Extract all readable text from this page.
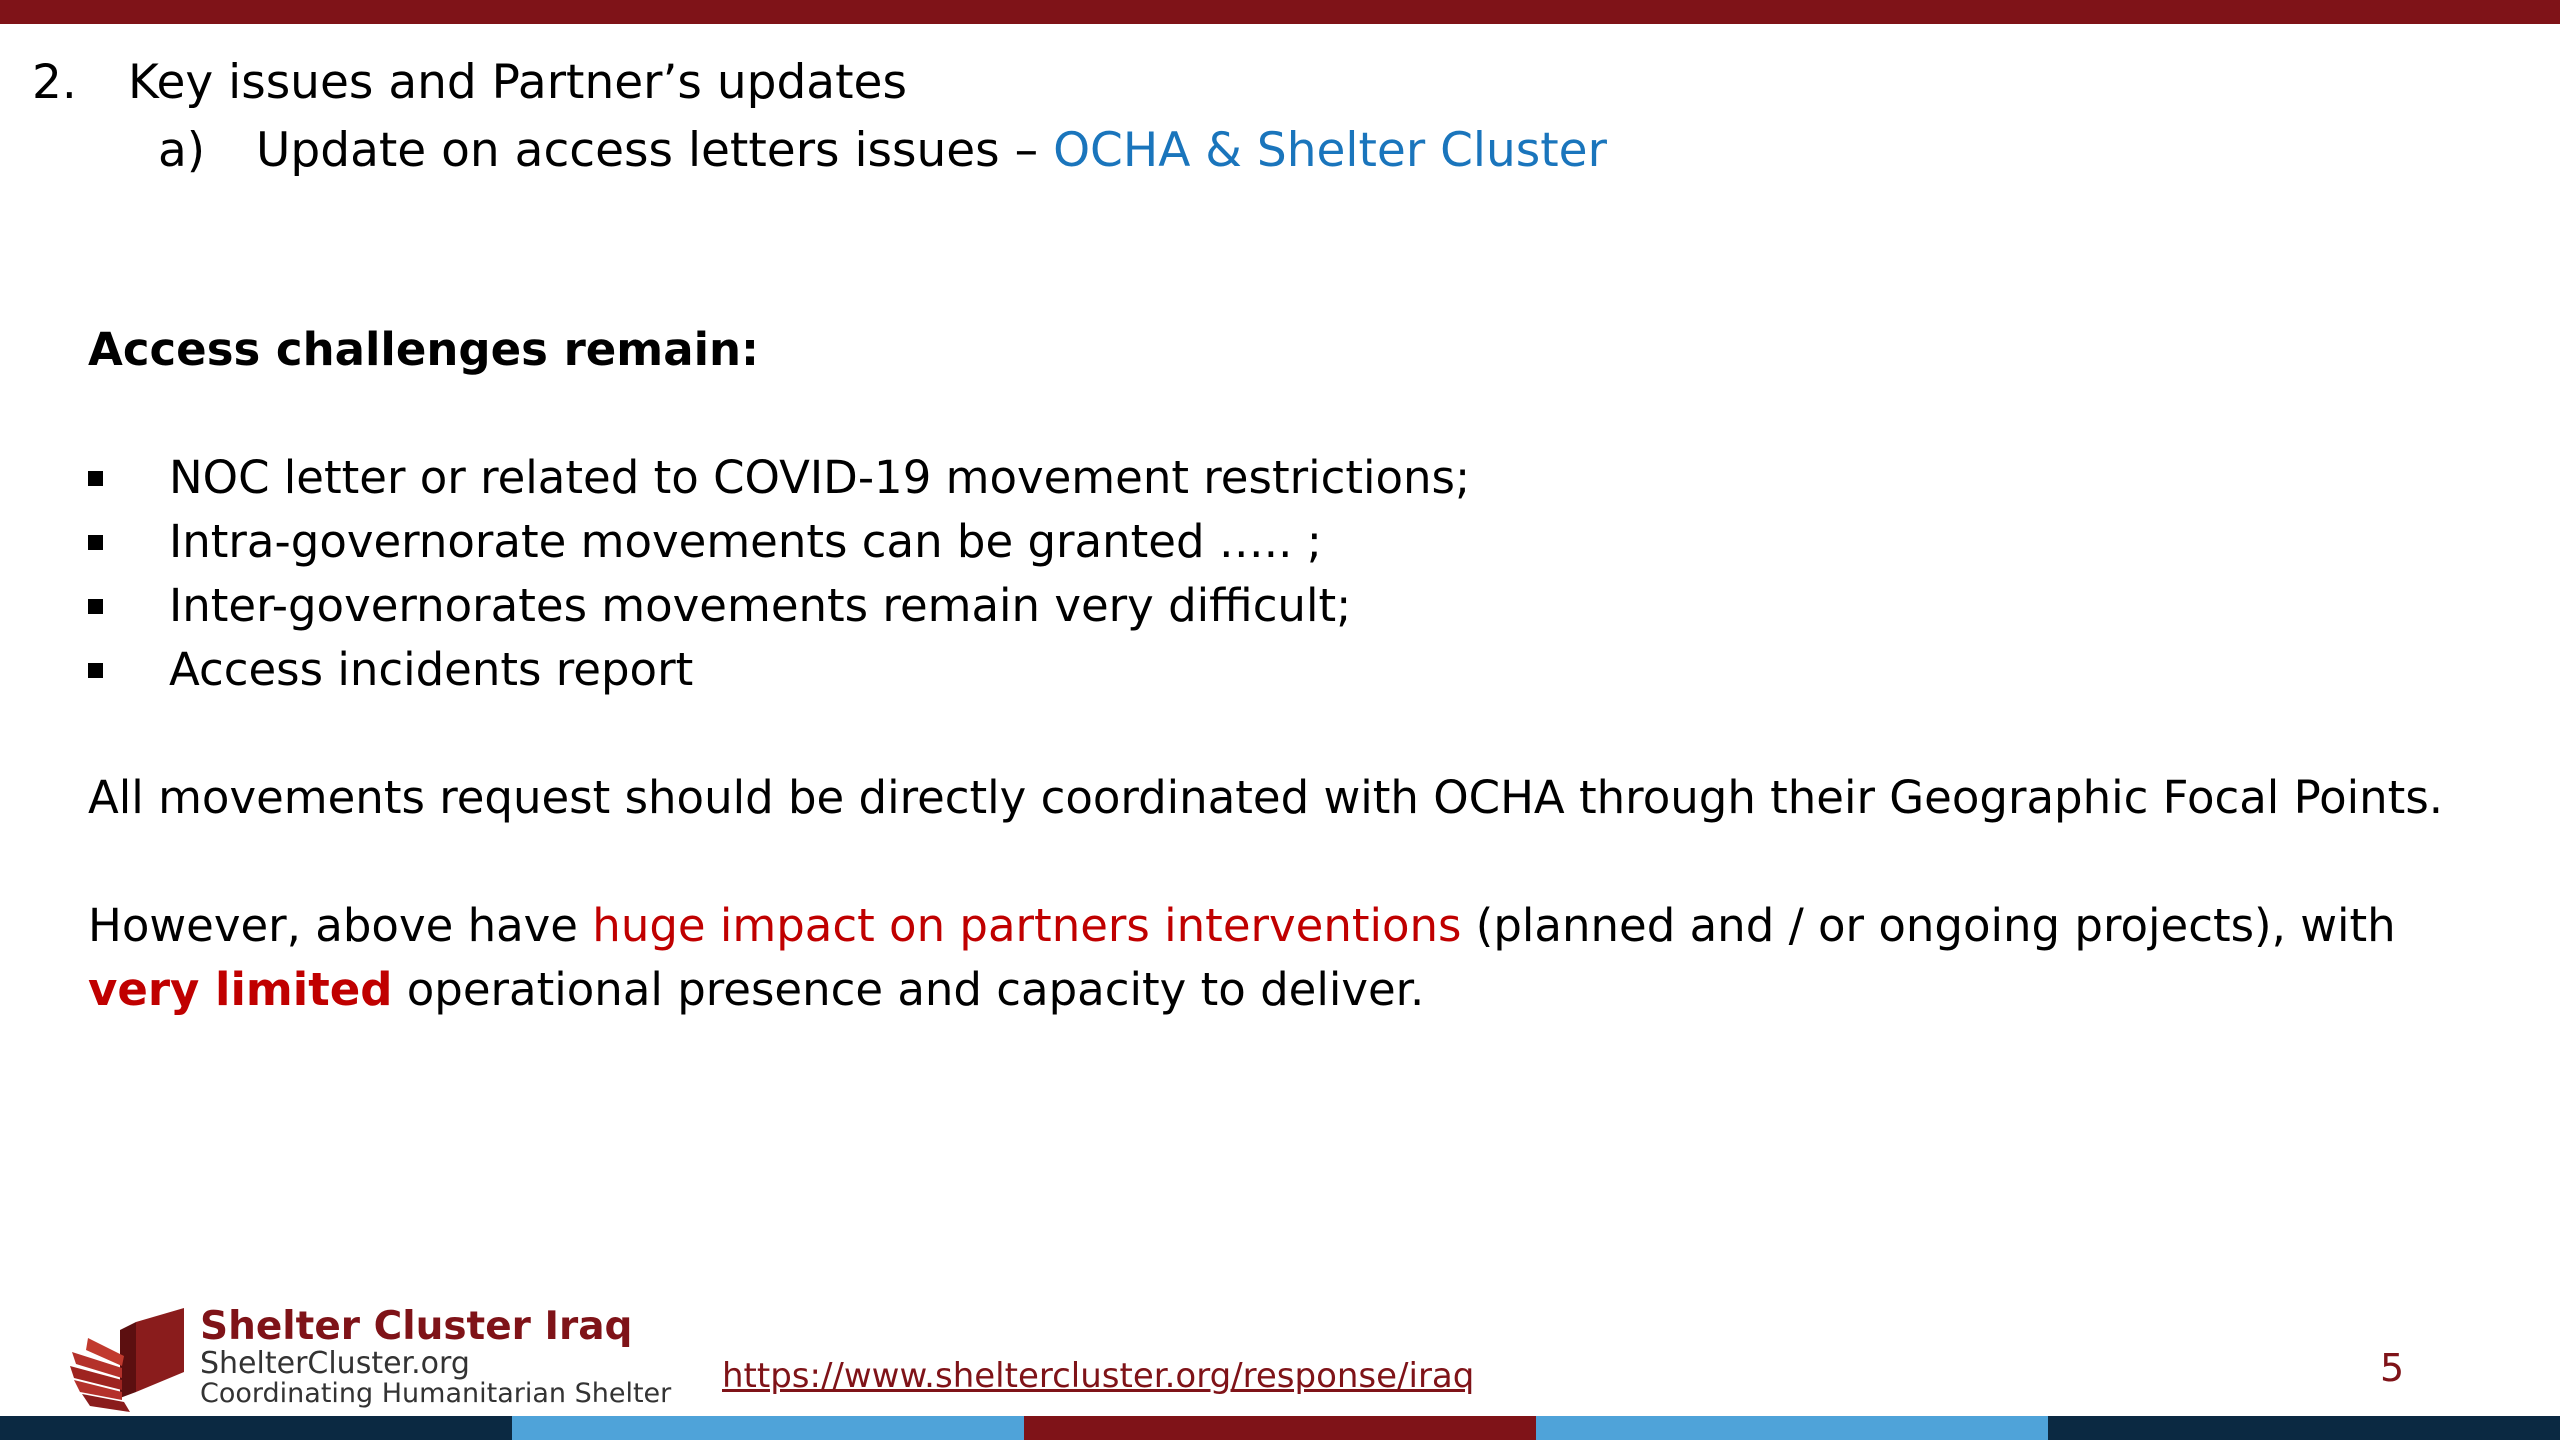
2. Key issues and Partner’s updates
a) Update on access letters issues – OCHA & Shelter Cluster
Access challenges remain:
NOC letter or related to COVID-19 movement restrictions;
Intra-governorate movements can be granted ….. ;
Inter-governorates movements remain very difficult;
Access incidents report
All movements request should be directly coordinated with OCHA through their Geographic Focal Points.
However, above have huge impact on partners interventions (planned and / or ongoing projects), with very limited operational presence and capacity to deliver.
Shelter Cluster Iraq
ShelterCluster.org
Coordinating Humanitarian Shelter https://www.sheltercluster.org/response/iraq	5
